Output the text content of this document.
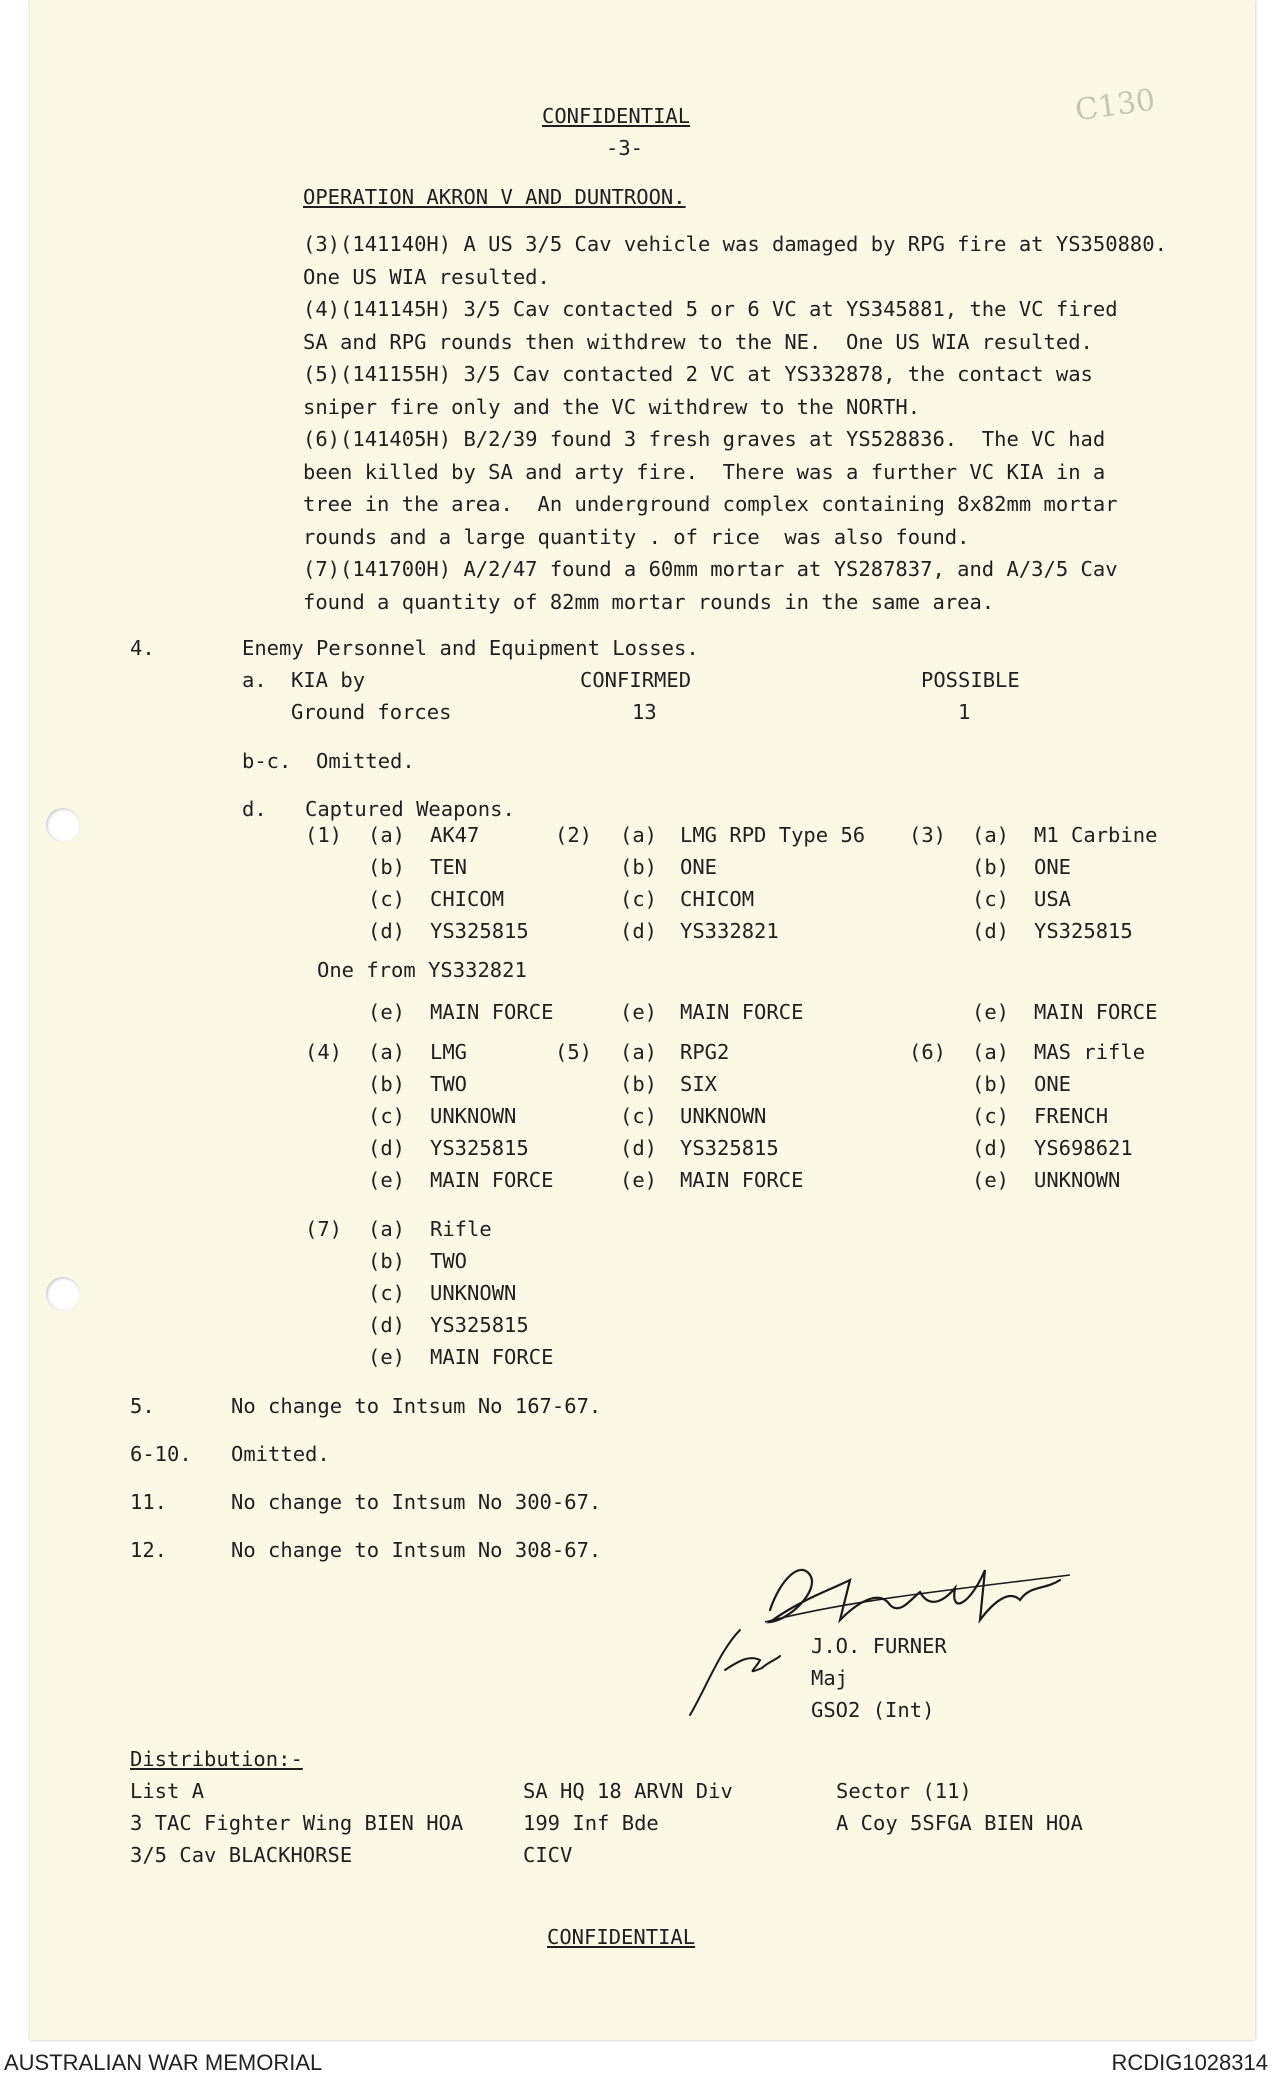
C130
CONFIDENTIAL
-3-
OPERATION AKRON V AND DUNTROON.
(3)(141140H) A US 3/5 Cav vehicle was damaged by RPG fire at YS350880.
One US WIA resulted.
(4)(141145H) 3/5 Cav contacted 5 or 6 VC at YS345881, the VC fired
SA and RPG rounds then withdrew to the NE.  One US WIA resulted.
(5)(141155H) 3/5 Cav contacted 2 VC at YS332878, the contact was
sniper fire only and the VC withdrew to the NORTH.
(6)(141405H) B/2/39 found 3 fresh graves at YS528836.  The VC had
been killed by SA and arty fire.  There was a further VC KIA in a
tree in the area.  An underground complex containing 8x82mm mortar
rounds and a large quantity . of rice  was also found.
(7)(141700H) A/2/47 found a 60mm mortar at YS287837, and A/3/5 Cav
found a quantity of 82mm mortar rounds in the same area.
4.	Enemy Personnel and Equipment Losses.
a. KIA by	CONFIRMED	POSSIBLE
Ground forces	13	1
b-c. Omitted.
d. Captured Weapons.
(1) (a) AK47
(b) TEN
(c) CHICOM
(d) YS325815
(e) MAIN FORCE
(2) (a) LMG RPD Type 56
(b) ONE
(c) CHICOM
(d) YS332821
(e) MAIN FORCE
(3) (a) M1 Carbine
(b) ONE
(c) USA
(d) YS325815
(e) MAIN FORCE
(4) (a) LMG
(b) TWO
(c) UNKNOWN
(d) YS325815
(e) MAIN FORCE
(5) (a) RPG2
(b) SIX
(c) UNKNOWN
(d) YS325815
(e) MAIN FORCE
(6) (a) MAS rifle
(b) ONE
(c) FRENCH
(d) YS698621
(e) UNKNOWN
(7) (a) Rifle
(b) TWO
(c) UNKNOWN
(d) YS325815
(e) MAIN FORCE
One from YS332821
5.	No change to Intsum No 167-67.
6-10. Omitted.
11.	No change to Intsum No 300-67.
12.	No change to Intsum No 308-67.
J.O. FURNER
Maj
GSO2 (Int)
Distribution:-
List A
3 TAC Fighter Wing BIEN HOA
3/5 Cav BLACKHORSE
SA HQ 18 ARVN Div
199 Inf Bde
CICV
Sector (11)
A Coy 5SFGA BIEN HOA
CONFIDENTIAL
AUSTRALIAN WAR MEMORIAL	RCDIG1028314
